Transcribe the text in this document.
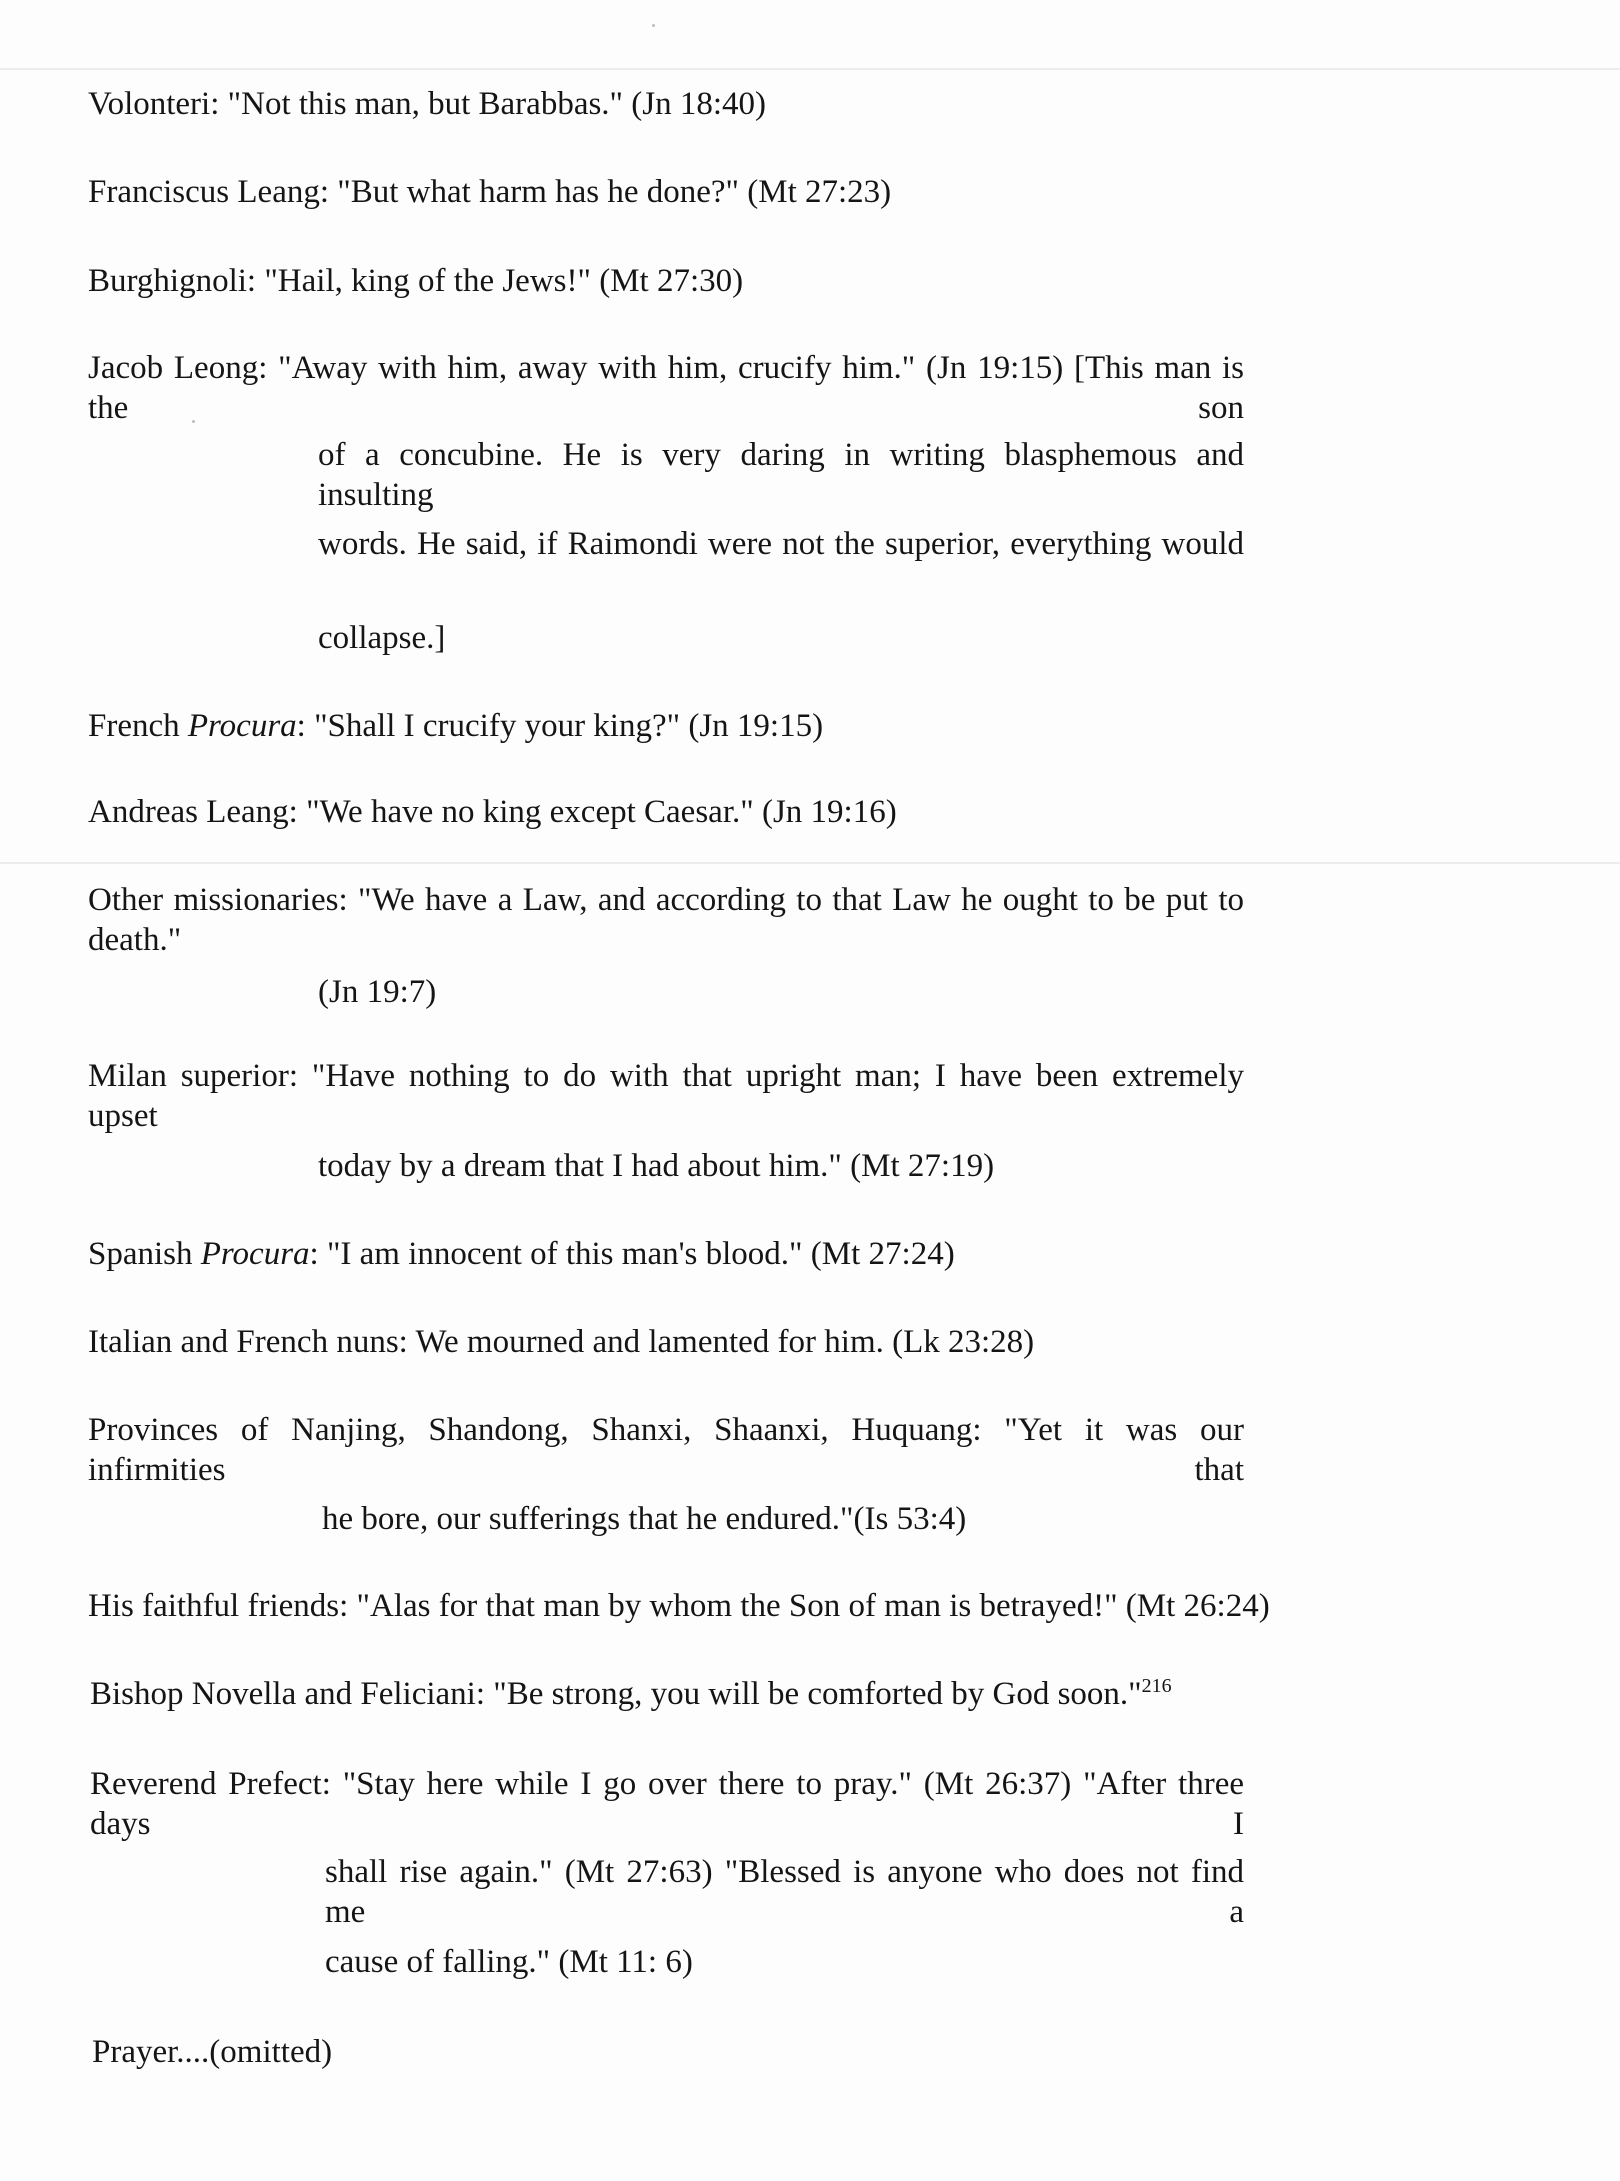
Volonteri: "Not this man, but Barabbas." (Jn 18:40)
Franciscus Leang: "But what harm has he done?" (Mt 27:23)
Burghignoli: "Hail, king of the Jews!" (Mt 27:30)
Jacob Leong: "Away with him, away with him, crucify him." (Jn 19:15) [This man is the son
of a concubine. He is very daring in writing blasphemous and insulting
words. He said, if Raimondi were not the superior, everything would
collapse.]
French Procura: "Shall I crucify your king?" (Jn 19:15)
Andreas Leang: "We have no king except Caesar." (Jn 19:16)
Other missionaries: "We have a Law, and according to that Law he ought to be put to death."
(Jn 19:7)
Milan superior: "Have nothing to do with that upright man; I have been extremely upset
today by a dream that I had about him." (Mt 27:19)
Spanish Procura: "I am innocent of this man's blood." (Mt 27:24)
Italian and French nuns: We mourned and lamented for him. (Lk 23:28)
Provinces of Nanjing, Shandong, Shanxi, Shaanxi, Huquang: "Yet it was our infirmities that
he bore, our sufferings that he endured."(Is 53:4)
His faithful friends: "Alas for that man by whom the Son of man is betrayed!" (Mt 26:24)
Bishop Novella and Feliciani: "Be strong, you will be comforted by God soon."$^{216}$
Reverend Prefect: "Stay here while I go over there to pray." (Mt 26:37) "After three days I
shall rise again." (Mt 27:63) "Blessed is anyone who does not find me a
cause of falling." (Mt 11: 6)
Prayer....(omitted)
